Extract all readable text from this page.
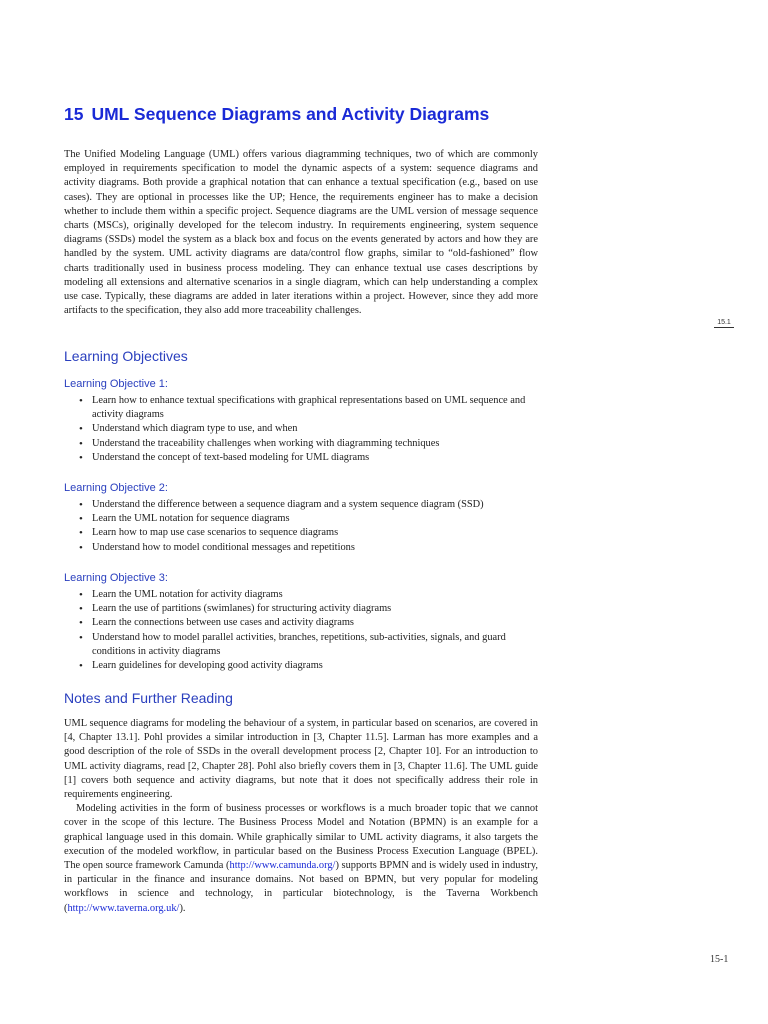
15 UML Sequence Diagrams and Activity Diagrams

The Unified Modeling Language (UML) offers various diagramming techniques, two of which are commonly employed in requirements specification to model the dynamic aspects of a system: sequence diagrams and activity diagrams. Both provide a graphical notation that can enhance a textual specification (e.g., based on use cases). They are optional in processes like the UP; Hence, the requirements engineer has to make a decision whether to include them within a specific project. Sequence diagrams are the UML version of message sequence charts (MSCs), originally developed for the telecom industry. In requirements engineering, system sequence diagrams (SSDs) model the system as a black box and focus on the events generated by actors and how they are handled by the system. UML activity diagrams are data/control flow graphs, similar to “old-fashioned” flow charts traditionally used in business process modeling. They can enhance textual use cases descriptions by modeling all extensions and alternative scenarios in a single diagram, which can help understanding a complex use case. Typically, these diagrams are added in later iterations within a project. However, since they add more artifacts to the specification, they also add more traceability challenges.

Learning Objectives
Learning Objective 1:
• Learn how to enhance textual specifications with graphical representations based on UML sequence and activity diagrams
• Understand which diagram type to use, and when
• Understand the traceability challenges when working with diagramming techniques
• Understand the concept of text-based modeling for UML diagrams
Learning Objective 2:
• Understand the difference between a sequence diagram and a system sequence diagram (SSD)
• Learn the UML notation for sequence diagrams
• Learn how to map use case scenarios to sequence diagrams
• Understand how to model conditional messages and repetitions
Learning Objective 3:
• Learn the UML notation for activity diagrams
• Learn the use of partitions (swimlanes) for structuring activity diagrams
• Learn the connections between use cases and activity diagrams
• Understand how to model parallel activities, branches, repetitions, sub-activities, signals, and guard conditions in activity diagrams
• Learn guidelines for developing good activity diagrams
Notes and Further Reading

UML sequence diagrams for modeling the behaviour of a system, in particular based on scenarios, are covered in [4, Chapter 13.1]. Pohl provides a similar introduction in [3, Chapter 11.5]. Larman has more examples and a good description of the role of SSDs in the overall development process [2, Chapter 10]. For an introduction to UML activity diagrams, read [2, Chapter 28]. Pohl also briefly covers them in [3, Chapter 11.6]. The UML guide [1] covers both sequence and activity diagrams, but note that it does not specifically address their role in requirements engineering.

Modeling activities in the form of business processes or workflows is a much broader topic that we cannot cover in the scope of this lecture. The Business Process Model and Notation (BPMN) is an example for a graphical language used in this domain. While graphically similar to UML activity diagrams, it also targets the execution of the modeled workflow, in particular based on the Business Process Execution Language (BPEL). The open source framework Camunda (http://www.camunda.org/) supports BPMN and is widely used in industry, in particular in the finance and insurance domains. Not based on BPMN, but very popular for modeling workflows in science and technology, in particular biotechnology, is the Taverna Workbench (http://www.taverna.org.uk/).

15.1
15-1
